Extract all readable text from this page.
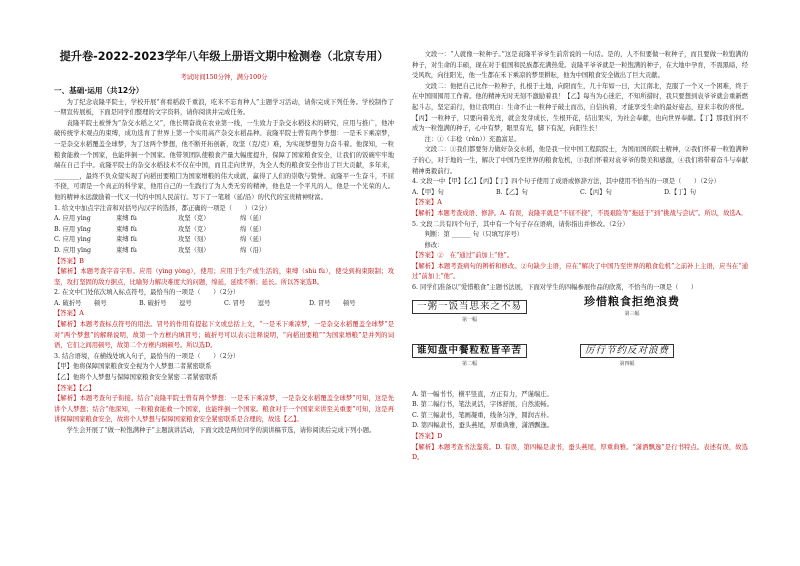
提升卷-2022-2023学年八年级上册语文期中检测卷（北京专用）
考试时间150分钟，满分100分
一、基础·运用（共12分）

为了纪念袁隆平院士，学校开展“喜看稻菽千重浪，吃米不忘育种人”主题学习活动，请你完成下列任务。学校制作了一期宣传展板，下面是同学们整理的文字资料，请你阅读并完成任务。

袁隆平院士被誉为“杂交水稻之父”，他长期奋战在农业第一线，一生致力于杂交水稻技术的研究，应用与推广，他冲破传统学术观点的束缚，成功选育了世界上第一个实用高产杂交水稻品种。袁隆平院士曾有两个梦想：一是禾下乘凉梦，一是杂交水稻覆盖全球梦，为了这两个梦想，他不断开拓创新，攻坚（克/克）难，为实现梦想努力奋斗着。他深知，一粒粮食能救一个国家，也能绊倒一个国家。他带领团队使粮食产量大幅度提升，保障了国家粮食安全，让我们的饭碗牢牢地端在自己手中。袁隆平院士的杂交水稻技术不仅在中国，而且走向世界，为全人类的粮食安全作出了巨大贡献，多年来，________，最终不负众望实现了向稻田要粮囗为国家增粮的伟大成就，赢得了人们的崇敬与赞誉。袁隆平一生奋斗，不屈不挠，可谓是一个真正的科学家，他用自己的一生践行了为人类无穷的精神，他也是一个平凡的人，他是一个光荣的人。他的精神永远激励着一代又一代的中国人民前行。写下了一笔璀（延/沿）的代代的宝贵精神财富。

1. 给文中加点字注音和对括号内汉字的选择，都正确的一项是（　　）（2分）

A. 应用 yìng	束缚 fù	攻坚（克）	绵（延）
B. 应用 yīng	束缚 fù	攻坚（克）	绵（延）
C. 应用 yìng	束缚 fù	攻坚（刻）	绵（延）
D. 应用 yīng	束缚 fù	攻坚（刻）	绵（沿）

【答案】B

【解析】本题考查字音字形。应用（yìng yòng），使用；应用于生产或生活的，束缚（shù fù），使受到拘束限制；攻坚，攻打坚固的敌方据点，比喻努力解决难度大的问题，绵延，延续不断；延长。所以答案选B。

2. 在文中囗处依次填入标点符号，最恰当的一项是（　　）（2分）

A. 破折号　　顿号	B. 破折号　　逗号	C. 冒号　　逗号	D. 冒号　　顿号

【答案】A

【解析】本题考查标点符号的用法。冒号的作用有提起下文或总括上文，“一是禾下乘凉梦，一是杂交水稻覆盖全球梦”是对“两个梦想”的解释说明，故第一个方框内填冒号；破折号可以表示注释说明，“向稻田要粮”“为国家增粮”是并列的词语，它们之间用顿号，故第二个方框内填顿号。所以选D。

3. 结合语境，在横线处填入句子，最恰当的一项是（　　）（2分）

【甲】他将保障国家粮食安全视为个人梦想二者紧密联系

【乙】他将个人梦想与保障国家粮食安全紧密二者紧密联系

【答案】【乙】

【解析】本题考查句子衔接。结合“袁隆平院士曾有两个梦想：一是禾下乘凉梦，一是杂交水稻覆盖全球梦”可知，这是先讲个人梦想；结合“他深知，一粒粮食能救一个国家，也能绊倒一个国家。粮食对于一个国家来讲至关重要”可知，这是再讲保障国家粮食安全，故将个人梦想与保障国家粮食安全紧密联系是合理的，故选【乙】。

学生会开展了“做一粒饱满种子”主题演讲活动，下面文段是两位同学的演讲稿节选，请你阅读后完成下列小题。

文段一：“人就像一粒种子。”这是袁隆平爷爷生前常说的一句话。是的，人不但要做一粒种子，而且要做一粒饱满的种子，对生命的丰硕，现在对于祖国和民族都充满热爱。袁隆平爷爷就是一粒饱满的种子，在大地中孕育，不畏黑暗，经受风吹，向往阳光，他一生都在禾下乘凉的梦里耕耘，他为中国粮食安全做出了巨大贡献。

文段二：他把自己比作一粒种子，扎根于土地，向阳而生，几十年如一日，大江南北，克服了一个又一个困难，终于在中国囤囤用工作着。他的精神无时无刻不激励着我！【乙】每当为心迷茫，不知所措时，我只要想到袁爷爷就会重新燃起斗志，坚定前行，他让我明白：生命不止一粒种子破土而出，自信执着，才能享受生命的最好姿态，迎来丰收的喜悦。【丙】一粒种子，只要向着光亮，就会发芽成长，生根开花，结出果实，为社会奉献，也向世界奉献。【丁】那我们何不成为一粒饱满的种子，心中有梦，眼里有光，脚下有泥，向阳生长！

注：①（丰稔（rěn））充盈富足。

文段二：①我们都要努力做好杂交水稻，他是我一位中国工程院院士，为国而国的院士精神，②我们怀着一粒饱满种子的心，对于地的一生，解决了中国乃至世界的粮食危机，③我们怀着对袁爷爷的赞美和感激，④我们将带着奋斗与奉献精神勇毅前行。

4. 文段一中【甲】【乙】【丙】【丁】四个句子使用了成语或修辞方法，其中使用不恰当的一项是（　　）（2分）

A.【甲】句	B.【乙】句	C.【丙】句	D.【丁】句

【答案】A

【解析】本题考查成语、修辞。A. 有误，袁隆平就是“不屈不挠”，不畏艰险等“拖延于”到“挑战与尝试”。所以，故选A。

5. 文段二共有四个句子，其中有一个句子存在语病，请你指出并修改。（2分）

判断：第 ______ 句（只填写序号）

修改：

【答案】②　在“通过”前加上“他”。

【解析】本题考查病句的辨析和修改。②句缺少主语，应在“解决了中国乃至世界的粮食危机”之前补上主语，应当在“通过”前加上“他”。

6. 同学们准备以“爱惜粮食”主题书法展，下面对学生的四幅参展作品的欣赏，不恰当的一项是（　　）

一粥一饭当思来之不易
第一幅
珍惜粮食拒绝浪费
第三幅
谁知盘中餐粒粒皆辛苦
第二幅
厉行节约反对浪费
第四幅

A. 第一幅书书，横平竖直，方正有力，严谨端庄。

B. 第二幅行书，笔法灵活，字体舒展，自然流畅。

C. 第三幅隶书，笔画凝重，线条匀净，圆润古朴。

D. 第四幅隶书，蚕头燕尾，厚重典雅，潇洒飘逸。

【答案】D

【解析】本题考查书法鉴赏。D. 有误，第四幅是隶书，蚕头燕尾，厚重典雅。“潇洒飘逸”是行书特点。表述有误，故选D。
